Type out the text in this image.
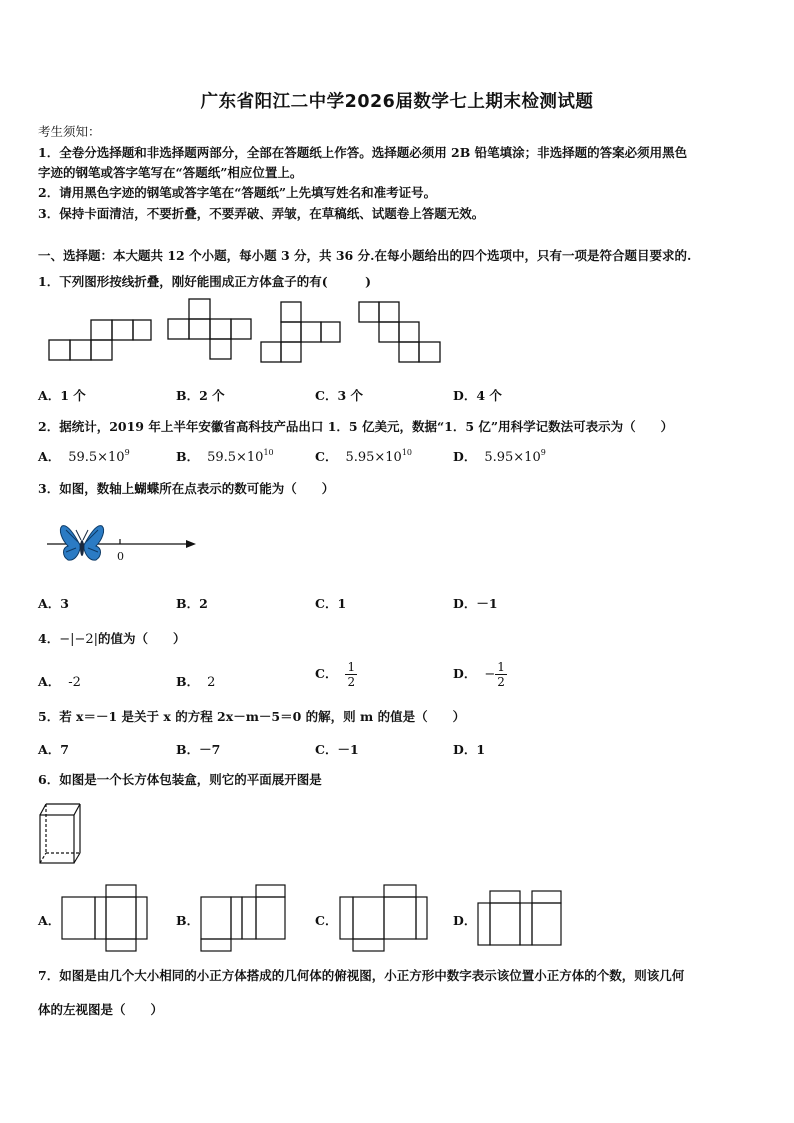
广东省阳江二中学2026届数学七上期末检测试题
考生须知：
1．全卷分选择题和非选择题两部分，全部在答题纸上作答。选择题必须用 2B 铅笔填涂；非选择题的答案必须用黑色
字迹的钢笔或答字笔写在“答题纸”相应位置上。
2．请用黑色字迹的钢笔或答字笔在“答题纸”上先填写姓名和准考证号。
3．保持卡面清洁，不要折叠，不要弄破、弄皱，在草稿纸、试题卷上答题无效。
一、选择题：本大题共 12 个小题，每小题 3 分，共 36 分.在每小题给出的四个选项中，只有一项是符合题目要求的.
1．下列图形按线折叠，刚好能围成正方体盒子的有(　　　)
A．1 个	B．2 个	C．3 个	D．4 个
2．据统计，2019 年上半年安徽省高科技产品出口 1．5 亿美元，数据“1．5 亿”用科学记数法可表示为（　　）
A． $59.5\times 10^9$	B． $59.5\times 10^{10}$	C． $5.95\times 10^{10}$	D． $5.95\times 10^9$
3．如图，数轴上蝴蝶所在点表示的数可能为（　　）
0
A．3	B．2	C．1	D．－1
4．−|−2|的值为（　　）
A． -2	B． 2
C． $\frac{1}{2}$	D． − $\frac{1}{2}$
5．若 x＝－1 是关于 x 的方程 2x－m－5＝0 的解，则 m 的值是（　　）
A．7	B．－7	C．－1	D．1
6．如图是一个长方体包装盒，则它的平面展开图是
A．	B．	C．	D．
7．如图是由几个大小相同的小正方体搭成的几何体的俯视图，小正方形中数字表示该位置小正方体的个数，则该几何
体的左视图是（　　）
